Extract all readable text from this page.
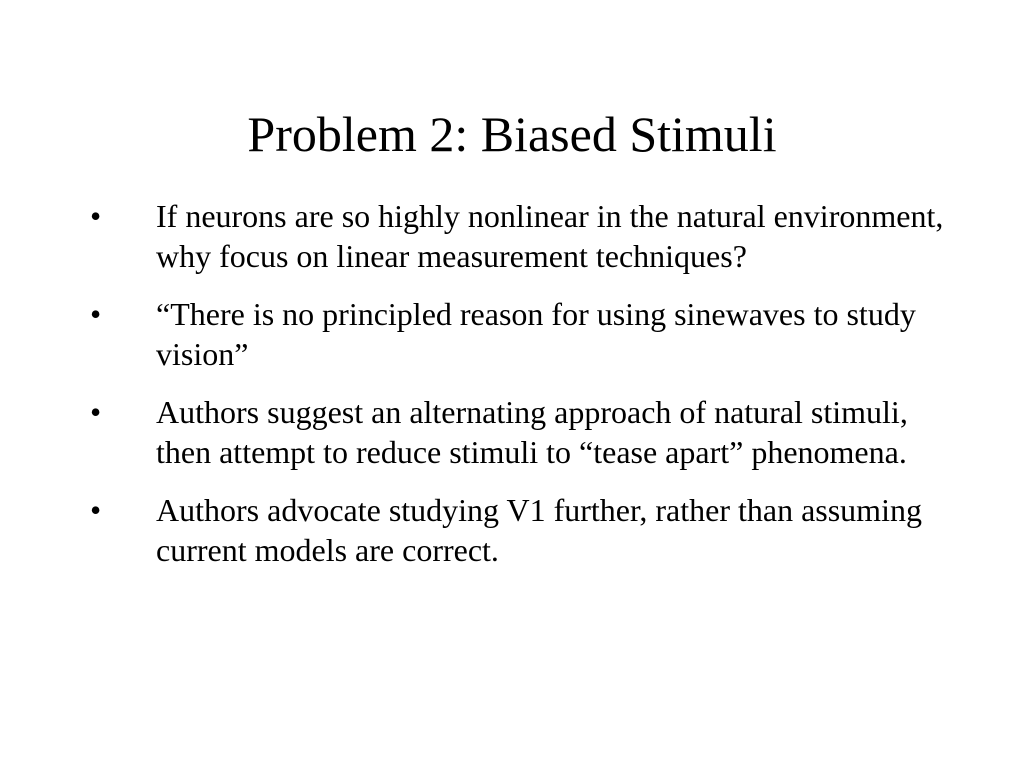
Problem 2: Biased Stimuli
•	If neurons are so highly nonlinear in the natural environment, why focus on linear measurement techniques?
•	“There is no principled reason for using sinewaves to study vision”
•	Authors suggest an alternating approach of natural stimuli, then attempt to reduce stimuli to “tease apart” phenomena.
•	Authors advocate studying V1 further, rather than assuming current models are correct.
